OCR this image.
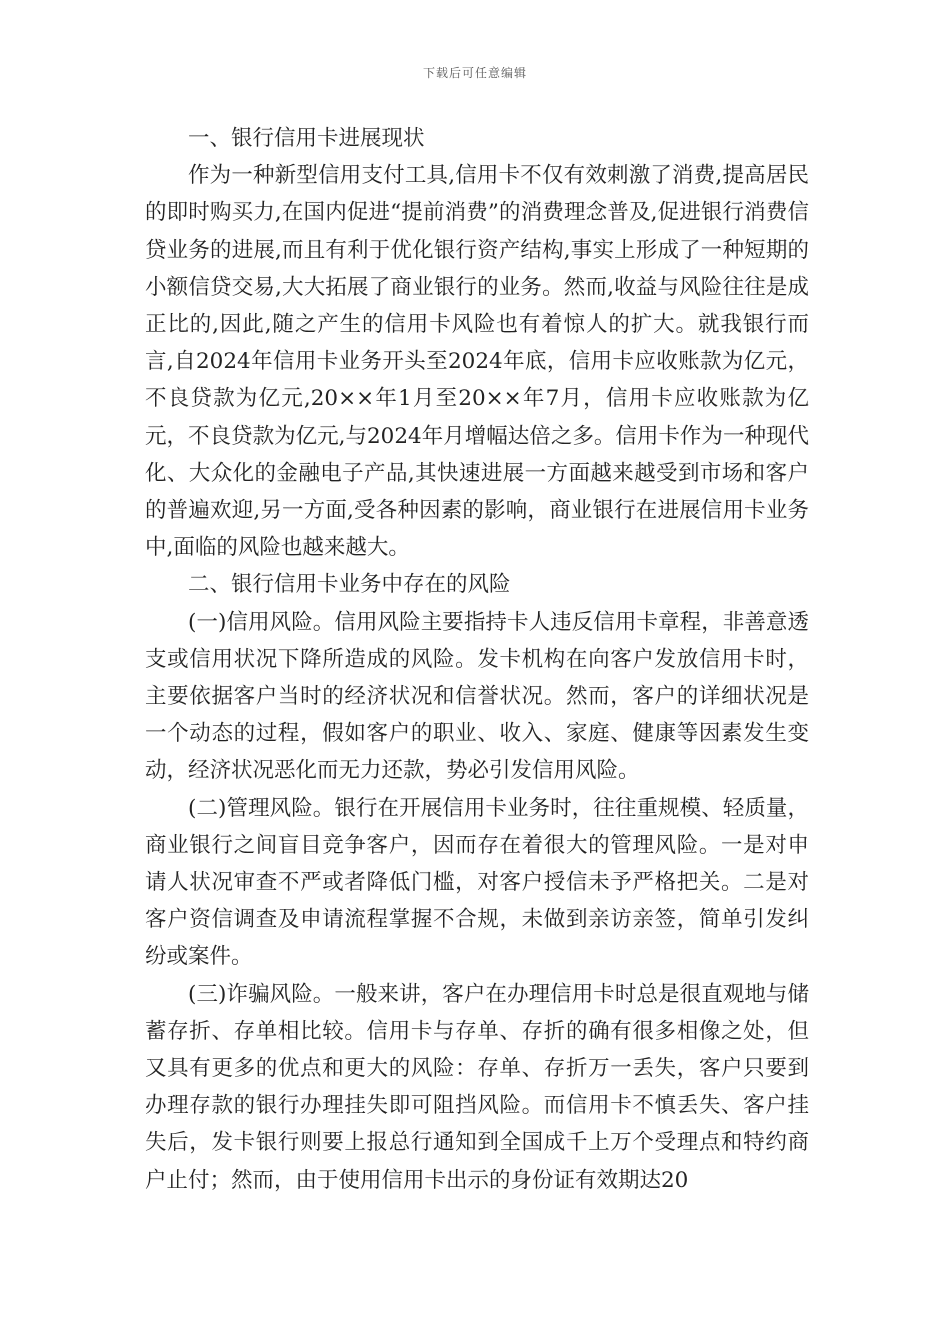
下载后可任意编辑

一、银行信用卡进展现状

作为一种新型信用支付工具,信用卡不仅有效刺激了消费,提高居民的即时购买力,在国内促进“提前消费”的消费理念普及,促进银行消费信贷业务的进展,而且有利于优化银行资产结构,事实上形成了一种短期的小额信贷交易,大大拓展了商业银行的业务。然而,收益与风险往往是成正比的,因此,随之产生的信用卡风险也有着惊人的扩大。就我银行而言,自2024年信用卡业务开头至2024年底，信用卡应收账款为亿元，不良贷款为亿元,20××年1月至20××年7月，信用卡应收账款为亿元，不良贷款为亿元,与2024年月增幅达倍之多。信用卡作为一种现代化、大众化的金融电子产品,其快速进展一方面越来越受到市场和客户的普遍欢迎,另一方面,受各种因素的影响，商业银行在进展信用卡业务中,面临的风险也越来越大。

二、银行信用卡业务中存在的风险

(一)信用风险。信用风险主要指持卡人违反信用卡章程，非善意透支或信用状况下降所造成的风险。发卡机构在向客户发放信用卡时，主要依据客户当时的经济状况和信誉状况。然而，客户的详细状况是一个动态的过程，假如客户的职业、收入、家庭、健康等因素发生变动，经济状况恶化而无力还款，势必引发信用风险。

(二)管理风险。银行在开展信用卡业务时，往往重规模、轻质量，商业银行之间盲目竞争客户，因而存在着很大的管理风险。一是对申请人状况审查不严或者降低门槛，对客户授信未予严格把关。二是对客户资信调查及申请流程掌握不合规，未做到亲访亲签，简单引发纠纷或案件。

(三)诈骗风险。一般来讲，客户在办理信用卡时总是很直观地与储蓄存折、存单相比较。信用卡与存单、存折的确有很多相像之处，但又具有更多的优点和更大的风险：存单、存折万一丢失，客户只要到办理存款的银行办理挂失即可阻挡风险。而信用卡不慎丢失、客户挂失后，发卡银行则要上报总行通知到全国成千上万个受理点和特约商户止付；然而，由于使用信用卡出示的身份证有效期达20
